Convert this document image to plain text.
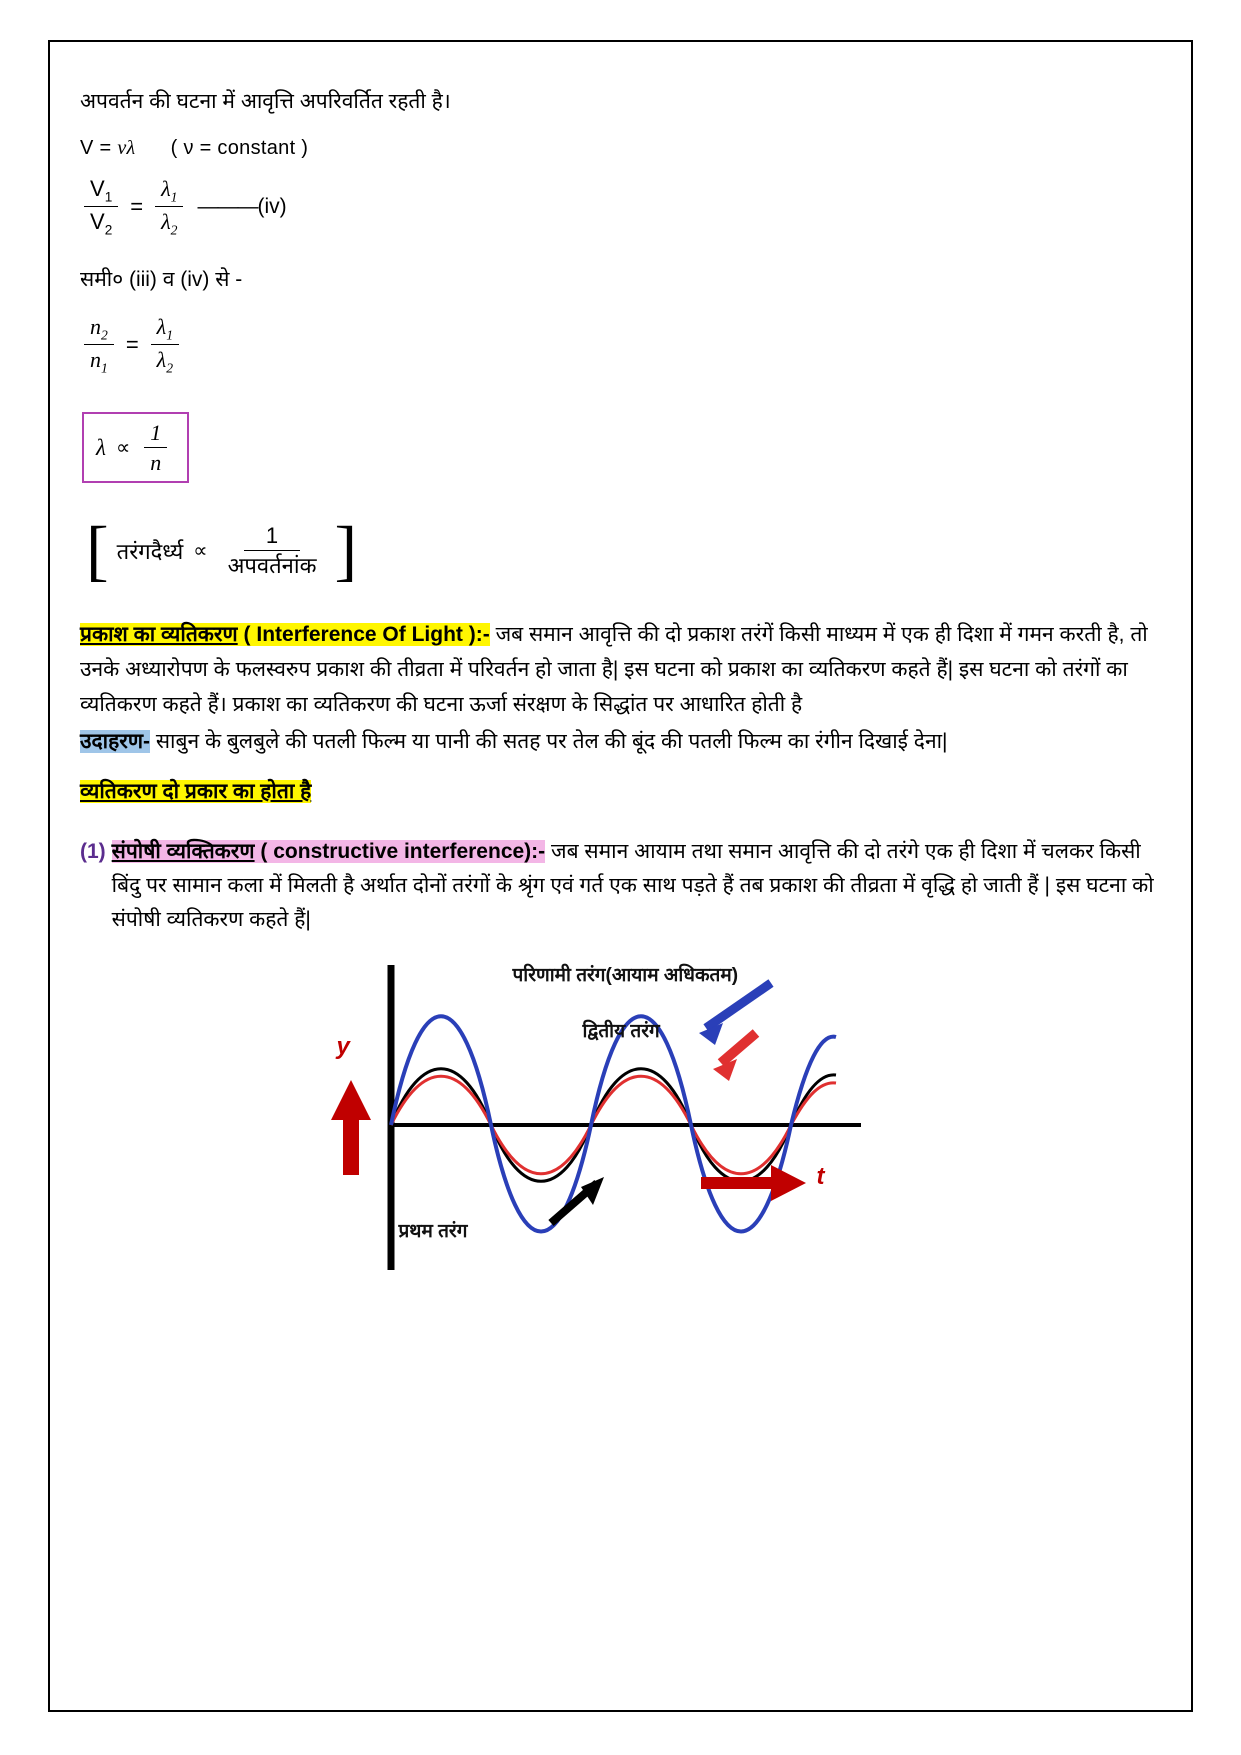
अपवर्तन की घटना में आवृत्ति अपरिवर्तित रहती है।

V = νλ ( ν = constant )
$\frac{V_1}{V_2} = \frac{\lambda_1}{\lambda_2}$ ——— (iv)

समी० (iii) व (iv) से -

$\frac{n_2}{n_1} = \frac{\lambda_1}{\lambda_2}$
$\lambda \propto \frac{1}{n}$
[ तरंगदैर्ध्य ∝ $\frac{1}{\text{अपवर्तनांक}}$ ]

प्रकाश का व्यतिकरण ( Interference Of Light ):- जब समान आवृत्ति की दो प्रकाश तरंगें किसी माध्यम में एक ही दिशा में गमन करती है, तो उनके अध्यारोपण के फलस्वरुप प्रकाश की तीव्रता में परिवर्तन हो जाता है| इस घटना को प्रकाश का व्यतिकरण कहते हैं| इस घटना को तरंगों का व्यतिकरण कहते हैं। प्रकाश का व्यतिकरण की घटना ऊर्जा संरक्षण के सिद्धांत पर आधारित होती है

उदाहरण- साबुन के बुलबुले की पतली फिल्म या पानी की सतह पर तेल की बूंद की पतली फिल्म का रंगीन दिखाई देना|

व्यतिकरण दो प्रकार का होता है

(1) संपोषी व्यक्तिकरण ( constructive interference):- जब समान आयाम तथा समान आवृत्ति की दो तरंगे एक ही दिशा में चलकर किसी बिंदु पर सामान कला में मिलती है अर्थात दोनों तरंगों के श्रृंग एवं गर्त एक साथ पड़ते हैं तब प्रकाश की तीव्रता में वृद्धि हो जाती हैं | इस घटना को संपोषी व्यतिकरण कहते हैं|
y
t
परिणामी तरंग(आयाम अधिकतम)
द्वितीय तरंग
प्रथम तरंग
